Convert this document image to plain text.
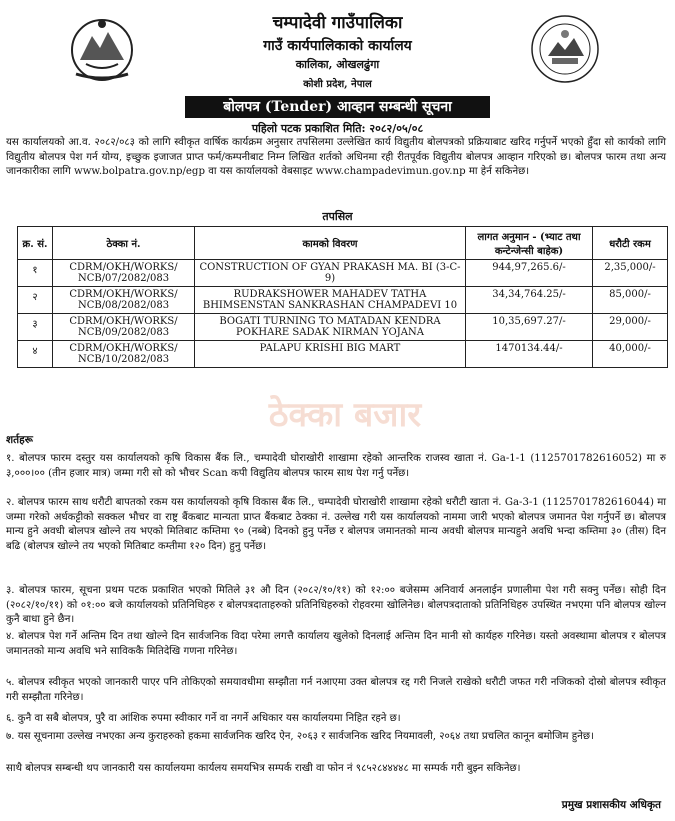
चम्पादेवी गाउँपालिका
गाउँ कार्यपालिकाको कार्यालय
कालिका, ओखलढुंगा
कोशी प्रदेश, नेपाल
बोलपत्र (Tender) आव्हान सम्बन्धी सूचना
पहिलो पटक प्रकाशित मिति: २०८२/०५/०८
यस कार्यालयको आ.व. २०८२/०८३ को लागि स्वीकृत वार्षिक कार्यक्रम अनुसार तपसिलमा उल्लेखित कार्य विद्युतीय बोलपत्रको प्रक्रियाबाट खरिद गर्नुपर्ने भएको हुँदा सो कार्यको लागि विद्युतीय बोलपत्र पेश गर्न योग्य, इच्छुक इजाजत प्राप्त फर्म/कम्पनीबाट निम्न लिखित शर्तको अधिनमा रही रीतपूर्वक विद्युतीय बोलपत्र आव्हान गरिएको छ। बोलपत्र फारम तथा अन्य जानकारीका लागि www.bolpatra.gov.np/egp वा यस कार्यालयको वेबसाइट www.champadevimun.gov.np मा हेर्न सकिनेछ।
तपसिल
क्र. सं.	ठेक्का नं.	कामको विवरण	लागत अनुमान - (भ्याट तथा कन्टेन्जेन्सी बाहेक)	धरौटी रकम
१	CDRM/OKH/WORKS/ NCB/07/2082/083	CONSTRUCTION OF GYAN PRAKASH MA. BI (3-C-9)	944,97,265.6/-	2,35,000/-
२	CDRM/OKH/WORKS/ NCB/08/2082/083	RUDRAKSHOWER MAHADEV TATHA BHIMSENSTAN SANKRASHAN CHAMPADEVI 10	34,34,764.25/-	85,000/-
३	CDRM/OKH/WORKS/ NCB/09/2082/083	BOGATI TURNING TO MATADAN KENDRA POKHARE SADAK NIRMAN YOJANA	10,35,697.27/-	29,000/-
४	CDRM/OKH/WORKS/ NCB/10/2082/083	PALAPU KRISHI BIG MART	1470134.44/-	40,000/-
ठेक्का बजार
शर्तहरू
१. बोलपत्र फारम दस्तुर यस कार्यालयको कृषि विकास बैंक लि., चम्पादेवी घोराखोरी शाखामा रहेको आन्तरिक राजस्व खाता नं. Ga-1-1 (1125701782616052) मा रु ३,०००।०० (तीन हजार मात्र) जम्मा गरी सो को भौचर Scan कपी विद्युतिय बोलपत्र फारम साथ पेश गर्नु पर्नेछ।
२. बोलपत्र फारम साथ धरौटी बापतको रकम यस कार्यालयको कृषि विकास बैंक लि., चम्पादेवी घोराखोरी शाखामा रहेको धरौटी खाता नं. Ga-3-1 (1125701782616044) मा जम्मा गरेको अर्धकट्टीको सक्कल भौचर वा राष्ट्र बैंकबाट मान्यता प्राप्त बैंकबाट ठेक्का नं. उल्लेख गरी यस कार्यालयको नाममा जारी भएको बोलपत्र जमानत पेश गर्नुपर्ने छ। बोलपत्र मान्य हुने अवधी बोलपत्र खोल्ने तय भएको मितिबाट कम्तिमा ९० (नब्बे) दिनको हुनु पर्नेछ र बोलपत्र जमानतको मान्य अवधी बोलपत्र मान्यहुने अवधि भन्दा कम्तिमा ३० (तीस) दिन बढि (बोलपत्र खोल्ने तय भएको मितिबाट कम्तीमा १२० दिन) हुनु पर्नेछ।
३. बोलपत्र फारम, सूचना प्रथम पटक प्रकाशित भएको मितिले ३१ औ दिन (२०८२/१०/११) को १२:०० बजेसम्म अनिवार्य अनलाईन प्रणालीमा पेश गरी सक्नु पर्नेछ। सोही दिन (२०८२/१०/११) को ०१:०० बजे कार्यालयको प्रतिनिधिहरु र बोलपत्रदाताहरुको प्रतिनिधिहरुको रोहवरमा खोलिनेछ। बोलपत्रदाताको प्रतिनिधिहरु उपस्थित नभएमा पनि बोलपत्र खोल्न कुनै बाधा हुने छैन।
४. बोलपत्र पेश गर्ने अन्तिम दिन तथा खोल्ने दिन सार्वजनिक विदा परेमा लगत्तै कार्यालय खुलेको दिनलाई अन्तिम दिन मानी सो कार्यहरु गरिनेछ। यस्तो अवस्थामा बोलपत्र र बोलपत्र जमानतको मान्य अवधि भने साविककै मितिदेखि गणना गरिनेछ।
५. बोलपत्र स्वीकृत भएको जानकारी पाएर पनि तोकिएको समयावधीमा सम्झौता गर्न नआएमा उक्त बोलपत्र रद्द गरी निजले राखेको धरौटी जफत गरी नजिकको दोस्रो बोलपत्र स्वीकृत गरी सम्झौता गरिनेछ।
६. कुनै वा सबै बोलपत्र, पुरै वा आंशिक रुपमा स्वीकार गर्ने वा नगर्ने अधिकार यस कार्यालयमा निहित रहने छ।
७. यस सूचनामा उल्लेख नभएका अन्य कुराहरुको हकमा सार्वजनिक खरिद ऐन, २०६३ र सार्वजनिक खरिद नियमावली, २०६४ तथा प्रचलित कानून बमोजिम हुनेछ।
साथै बोलपत्र सम्बन्धी थप जानकारी यस कार्यालयमा कार्यलय समयभित्र सम्पर्क राखी वा फोन नं ९८५२८४४४४८ मा सम्पर्क गरी बुझ्न सकिनेछ।
प्रमुख प्रशासकीय अधिकृत
